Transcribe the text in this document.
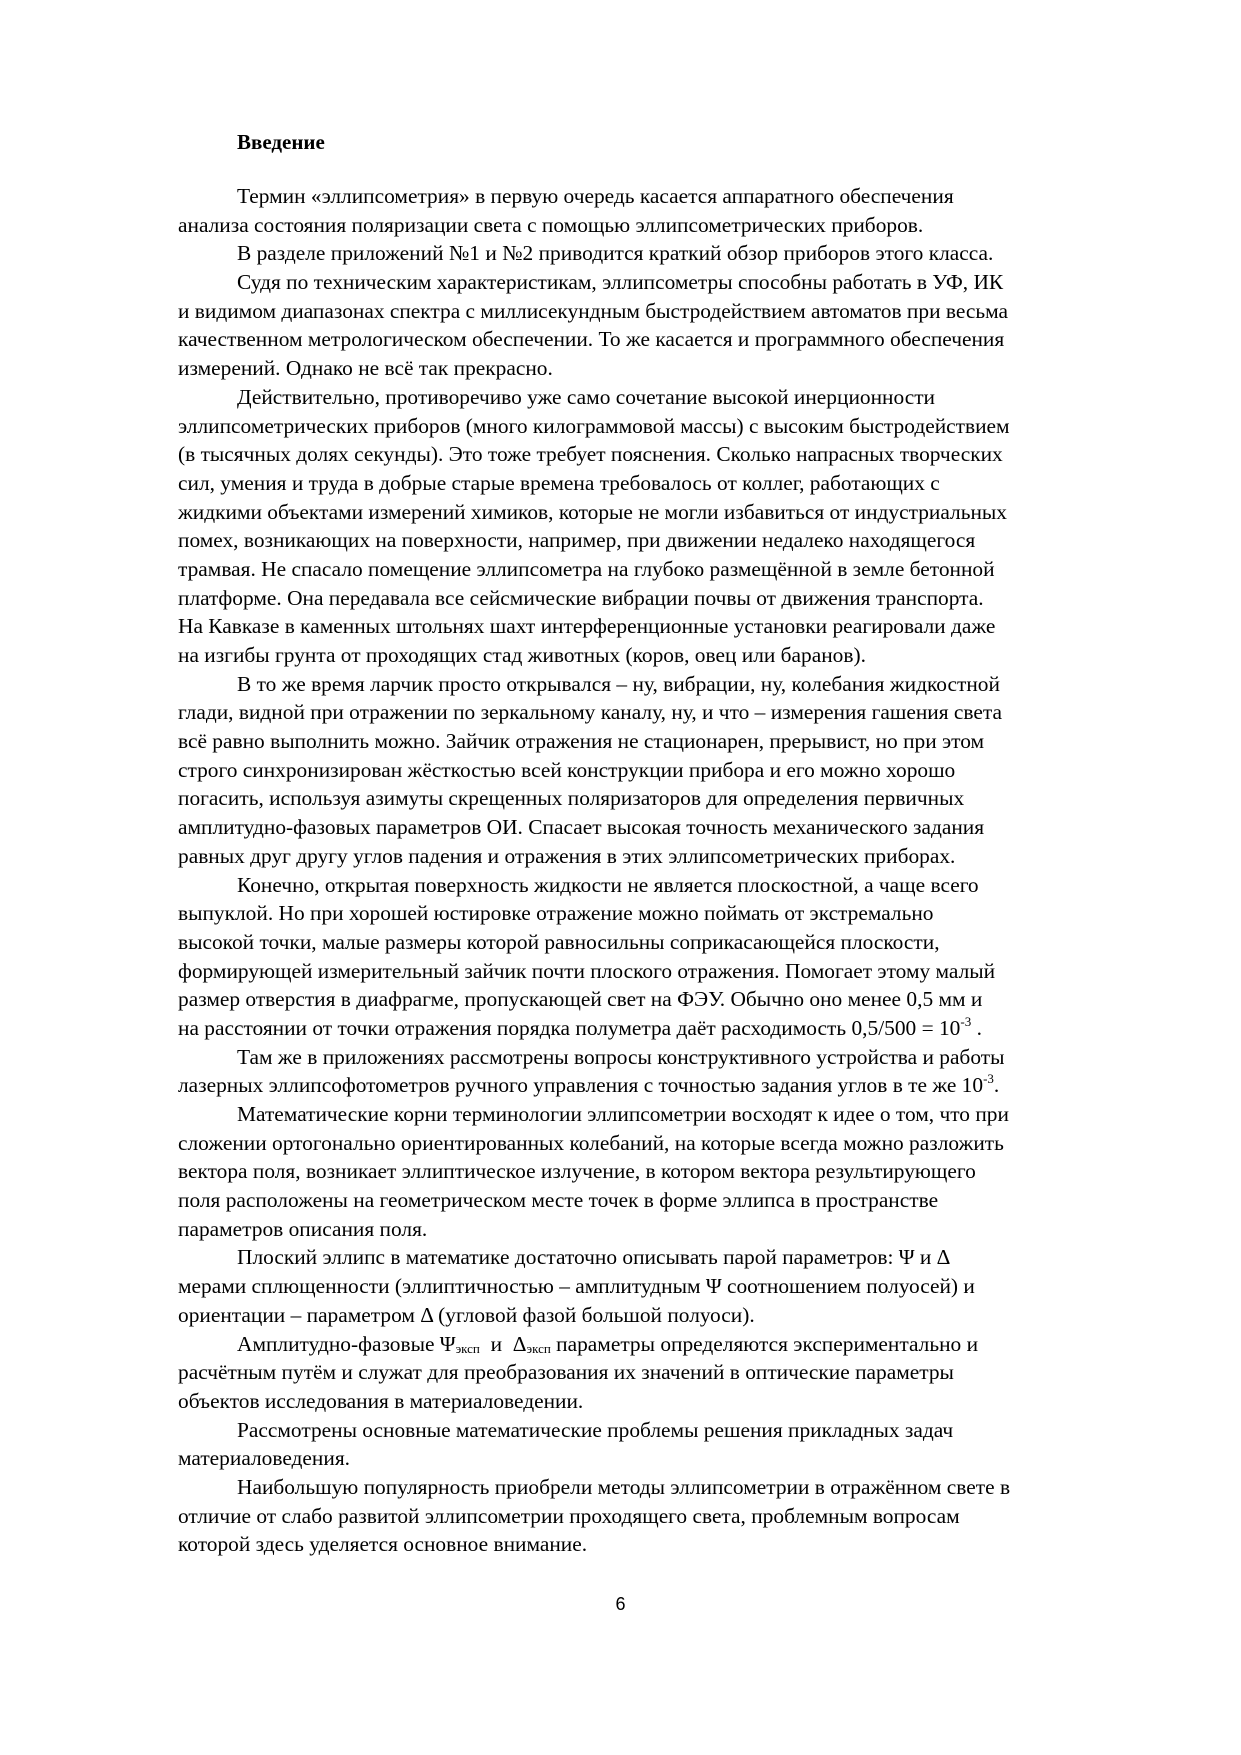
Введение
Термин «эллипсометрия» в первую очередь касается аппаратного обеспечения
анализа состояния поляризации света с помощью эллипсометрических приборов.
В разделе приложений №1 и №2 приводится краткий обзор приборов этого класса.
Судя по техническим характеристикам, эллипсометры способны работать в УФ, ИК
и видимом диапазонах спектра с миллисекундным быстродействием автоматов при весьма
качественном метрологическом обеспечении. То же касается и программного обеспечения
измерений. Однако не всё так прекрасно.
Действительно, противоречиво уже само сочетание высокой инерционности
эллипсометрических приборов (много килограммовой массы) с высоким быстродействием
(в тысячных долях секунды). Это тоже требует пояснения. Сколько напрасных творческих
сил, умения и труда в добрые старые времена требовалось от коллег, работающих с
жидкими объектами измерений химиков, которые не могли избавиться от индустриальных
помех, возникающих на поверхности, например, при движении недалеко находящегося
трамвая. Не спасало помещение эллипсометра на глубоко размещённой в земле бетонной
платформе. Она передавала все сейсмические вибрации почвы от движения транспорта.
На Кавказе в каменных штольнях шахт интерференционные установки реагировали даже
на изгибы грунта от проходящих стад животных (коров, овец или баранов).
В то же время ларчик просто открывался – ну, вибрации, ну, колебания жидкостной
глади, видной при отражении по зеркальному каналу, ну, и что – измерения гашения света
всё равно выполнить можно. Зайчик отражения не стационарен, прерывист, но при этом
строго синхронизирован жёсткостью всей конструкции прибора и его можно хорошо
погасить, используя азимуты скрещенных поляризаторов для определения первичных
амплитудно-фазовых параметров ОИ. Спасает высокая точность механического задания
равных друг другу углов падения и отражения в этих эллипсометрических приборах.
Конечно, открытая поверхность жидкости не является плоскостной, а чаще всего
выпуклой. Но при хорошей юстировке отражение можно поймать от экстремально
высокой точки, малые размеры которой равносильны соприкасающейся плоскости,
формирующей измерительный зайчик почти плоского отражения. Помогает этому малый
размер отверстия в диафрагме, пропускающей свет на ФЭУ. Обычно оно менее 0,5 мм и
на расстоянии от точки отражения порядка полуметра даёт расходимость $0,5/500 = 10^{-3}$ .
Там же в приложениях рассмотрены вопросы конструктивного устройства и работы
лазерных эллипсофотометров ручного управления с точностью задания углов в те же $10^{-3}$.
Математические корни терминологии эллипсометрии восходят к идее о том, что при
сложении ортогонально ориентированных колебаний, на которые всегда можно разложить
вектора поля, возникает эллиптическое излучение, в котором вектора результирующего
поля расположены на геометрическом месте точек в форме эллипса в пространстве
параметров описания поля.
Плоский эллипс в математике достаточно описывать парой параметров: Ψ и Δ
мерами сплющенности (эллиптичностью – амплитудным Ψ соотношением полуосей) и
ориентации – параметром Δ (угловой фазой большой полуоси).
Амплитудно-фазовые Ψэксп  и  Δэксп параметры определяются экспериментально и
расчётным путём и служат для преобразования их значений в оптические параметры
объектов исследования в материаловедении.
Рассмотрены основные математические проблемы решения прикладных задач
материаловедения.
Наибольшую популярность приобрели методы эллипсометрии в отражённом свете в
отличие от слабо развитой эллипсометрии проходящего света, проблемным вопросам
которой здесь уделяется основное внимание.
6
